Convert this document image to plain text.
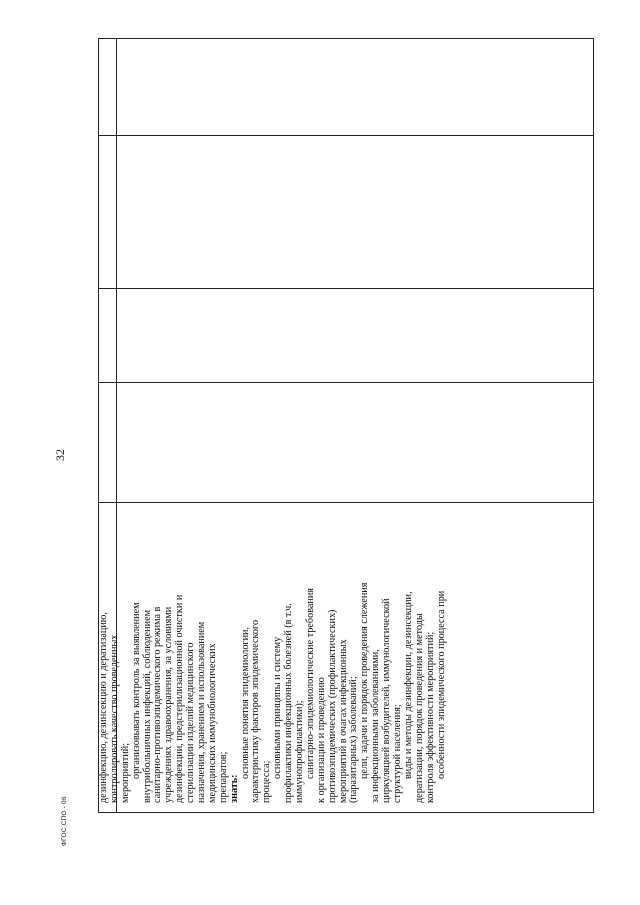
32
ФГОС СПО - 06
дезинфекцию, дезинсекцию и дератизацию, контролировать качество проведенных мероприятий; организовывать контроль за выявлением внутрибольничных инфекций, соблюдением санитарно-противоэпидемического режима в учреждениях здравоохранения, за условиями дезинфекции, предстерилизационной очистки и стерилизации изделий медицинского назначения, хранением и использованием медицинских иммунобиологических препаратов; знать:
основные понятия эпидемиологии, характеристику факторов эпидемического процесса;
основными принципы и систему профилактики инфекционных болезней (в т.ч. иммунопрофилактики); санитарно-эпидемиологические требования к организации и проведению противоэпидемических (профилактических) мероприятий в очагах инфекционных (паразитарных) заболеваний; цели, задачи и порядок проведения слежения за инфекционными заболеваниями, циркуляцией возбудителей, иммунологической структурой населения; виды и методы дезинфекции, дезинсекции, дератизации, порядок проведения и методы контроля эффективности мероприятий; особенности эпидемического процесса при
